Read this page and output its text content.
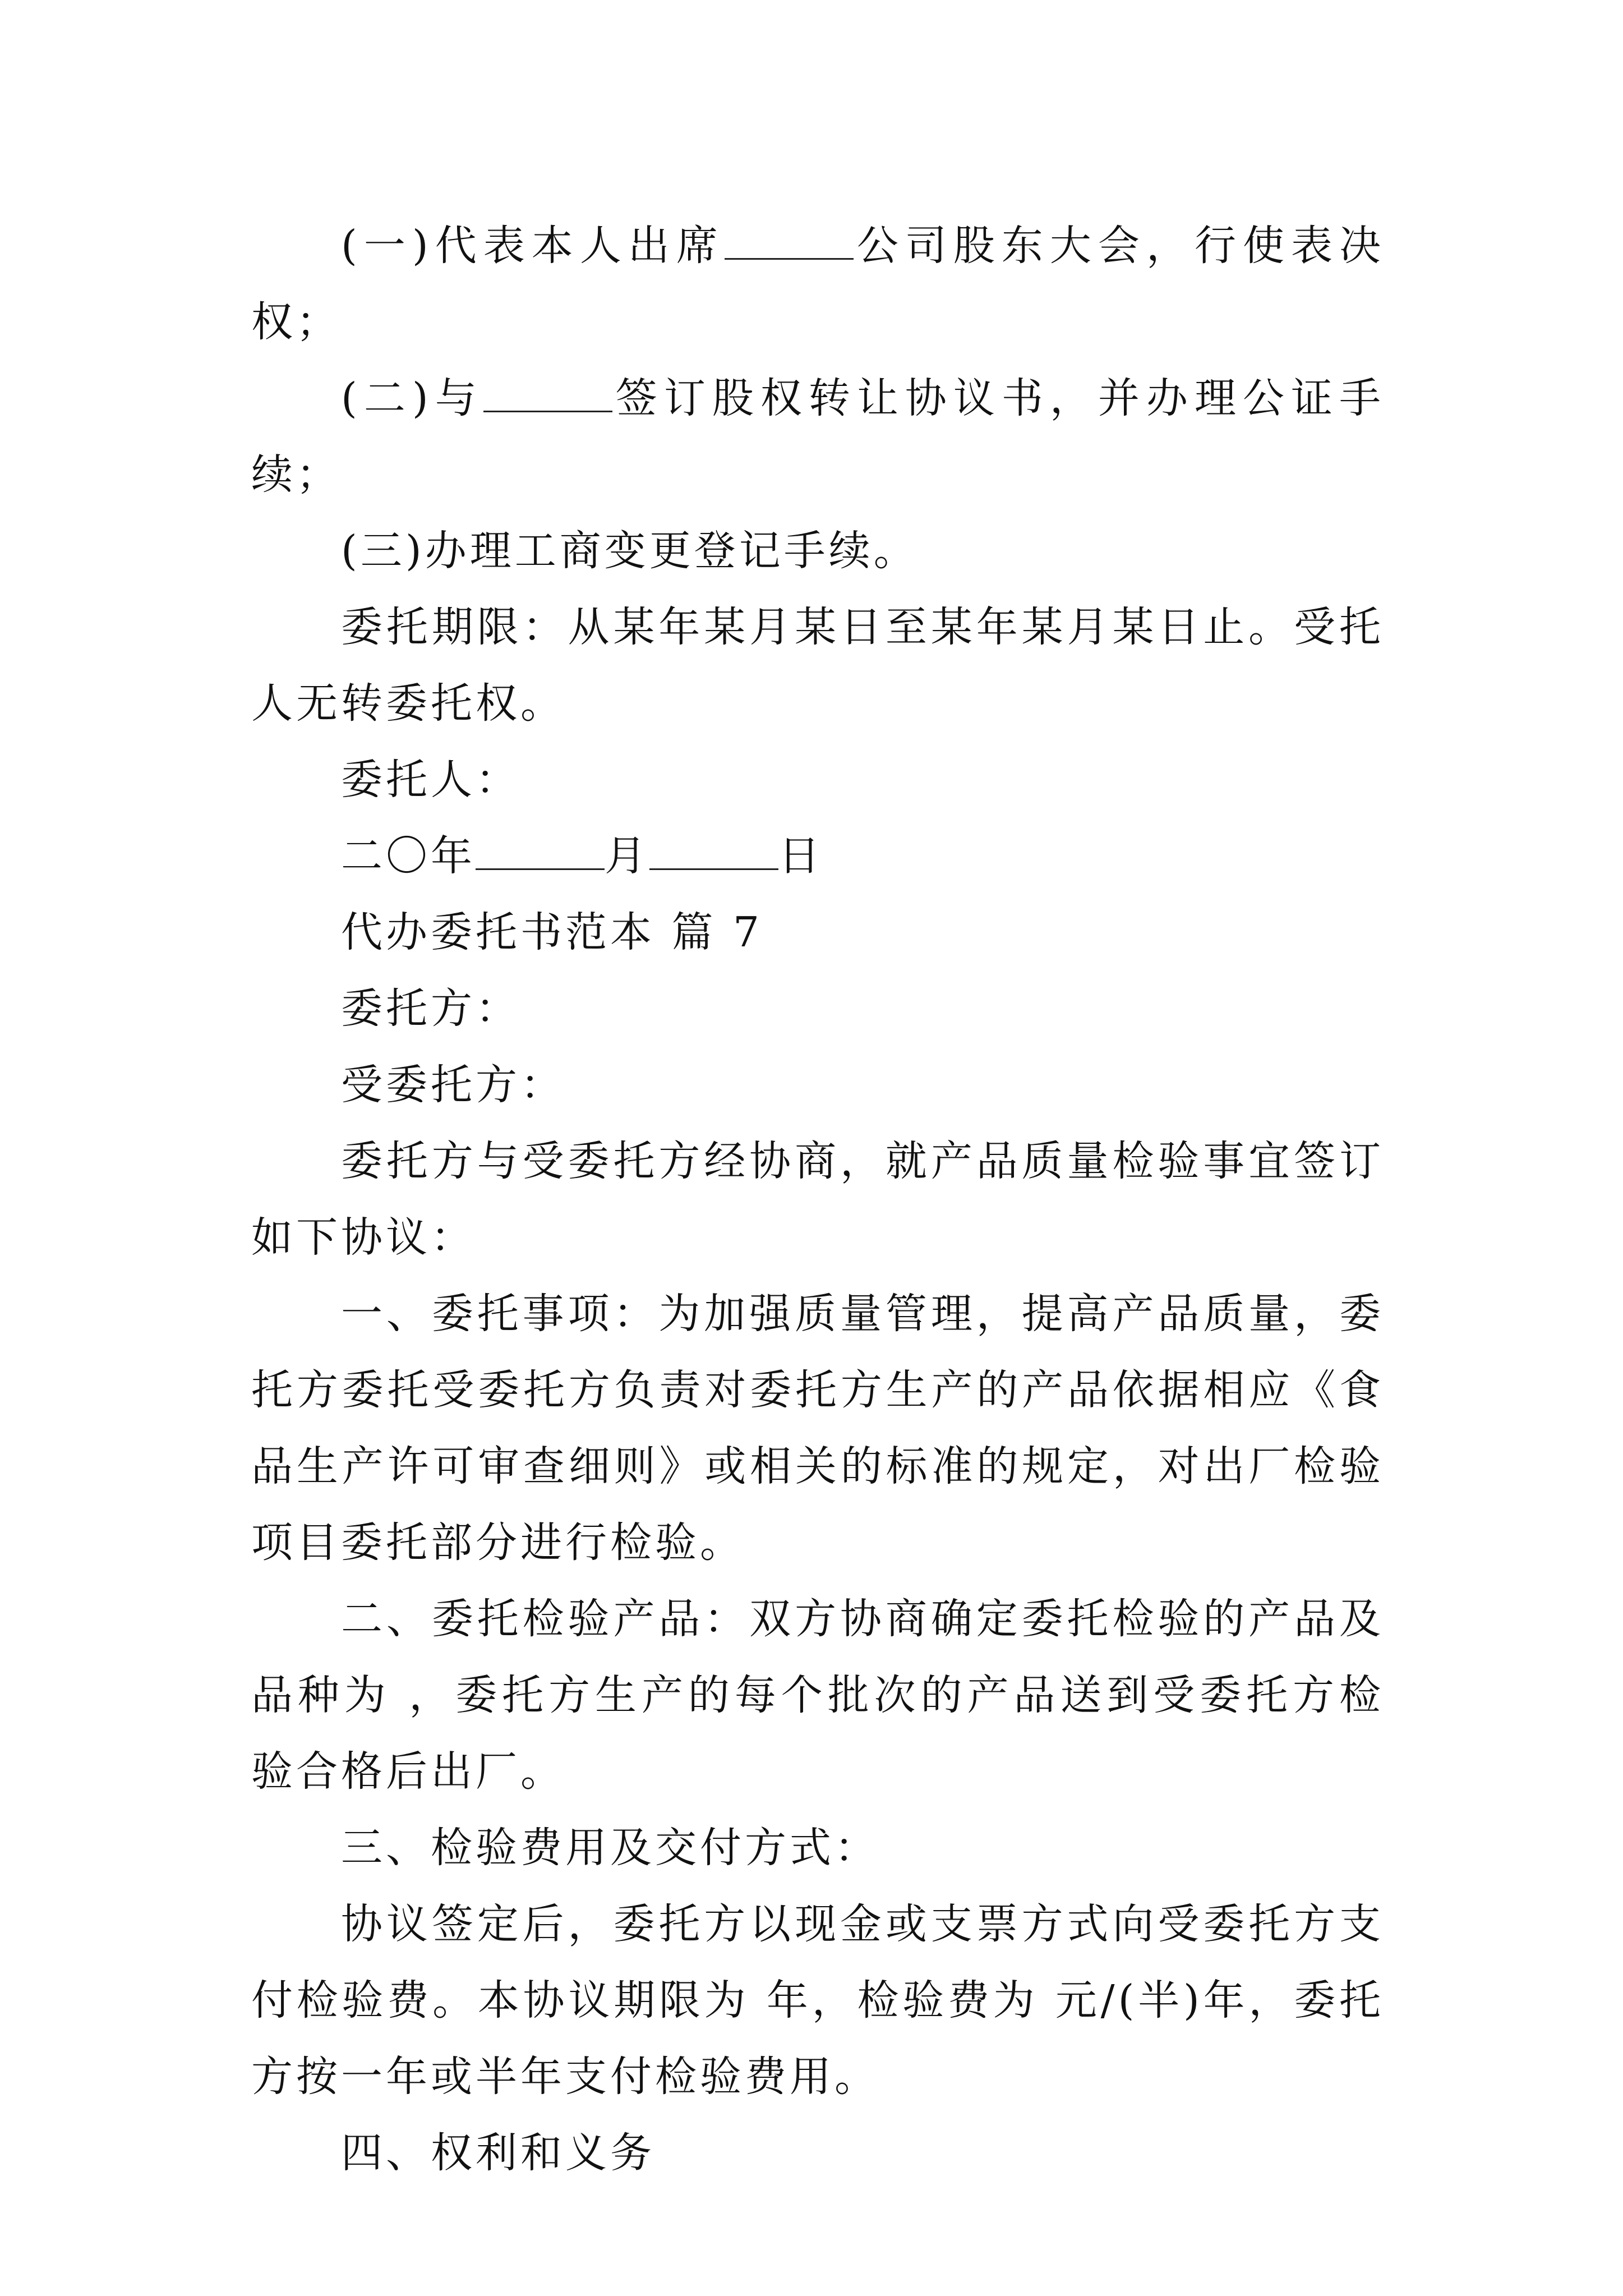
(一)代表本人出席	公司股东大会，行使表决权；

(二)与	签订股权转让协议书，并办理公证手续；

(三)办理工商变更登记手续。

委托期限：从某年某月某日至某年某月某日止。受托人无转委托权。

委托人：

二〇年	月	日

代办委托书范本 篇 7

委托方：

受委托方：

委托方与受委托方经协商，就产品质量检验事宜签订如下协议：

一、委托事项：为加强质量管理，提高产品质量，委托方委托受委托方负责对委托方生产的产品依据相应《食品生产许可审查细则》或相关的标准的规定，对出厂检验项目委托部分进行检验。

二、委托检验产品：双方协商确定委托检验的产品及品种为 ，委托方生产的每个批次的产品送到受委托方检验合格后出厂。

三、检验费用及交付方式：

协议签定后，委托方以现金或支票方式向受委托方支付检验费。本协议期限为 年，检验费为 元/(半)年，委托方按一年或半年支付检验费用。

四、权利和义务
